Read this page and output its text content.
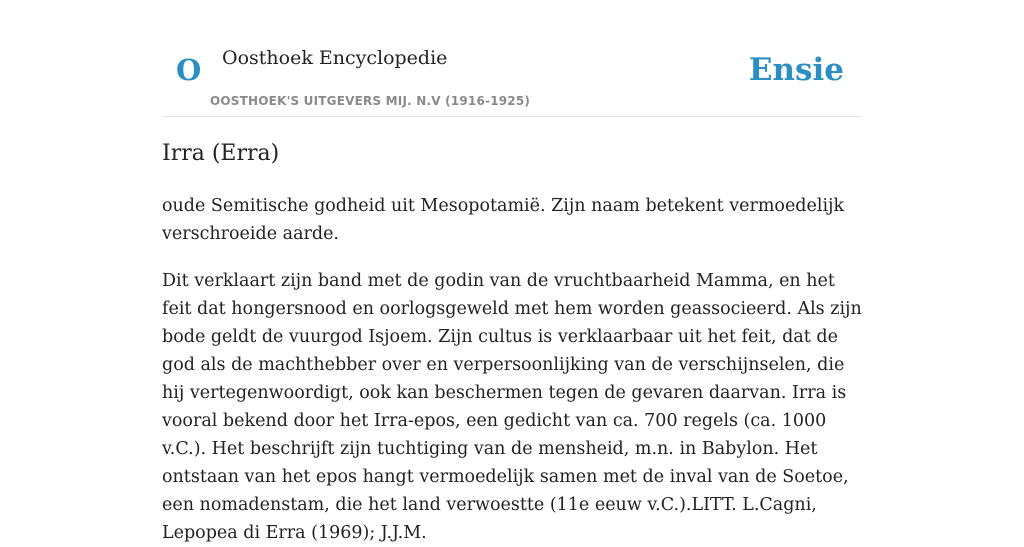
O Oosthoek Encyclopedie
OOSTHOEK'S UITGEVERS MIJ. N.V (1916-1925)
Ensie
Irra (Erra)

oude Semitische godheid uit Mesopotamië. Zijn naam betekent vermoedelijk verschroeide aarde.

Dit verklaart zijn band met de godin van de vruchtbaarheid Mamma, en het feit dat hongersnood en oorlogsgeweld met hem worden geassocieerd. Als zijn bode geldt de vuurgod Isjoem. Zijn cultus is verklaarbaar uit het feit, dat de god als de machthebber over en verpersoonlijking van de verschijnselen, die hij vertegenwoordigt, ook kan beschermen tegen de gevaren daarvan. Irra is vooral bekend door het Irra-epos, een gedicht van ca. 700 regels (ca. 1000 v.C.). Het beschrijft zijn tuchtiging van de mensheid, m.n. in Babylon. Het ontstaan van het epos hangt vermoedelijk samen met de inval van de Soetoe, een nomadenstam, die het land verwoestte (11e eeuw v.C.).LITT. L.Cagni, Lepopea di Erra (1969); J.J.M.
